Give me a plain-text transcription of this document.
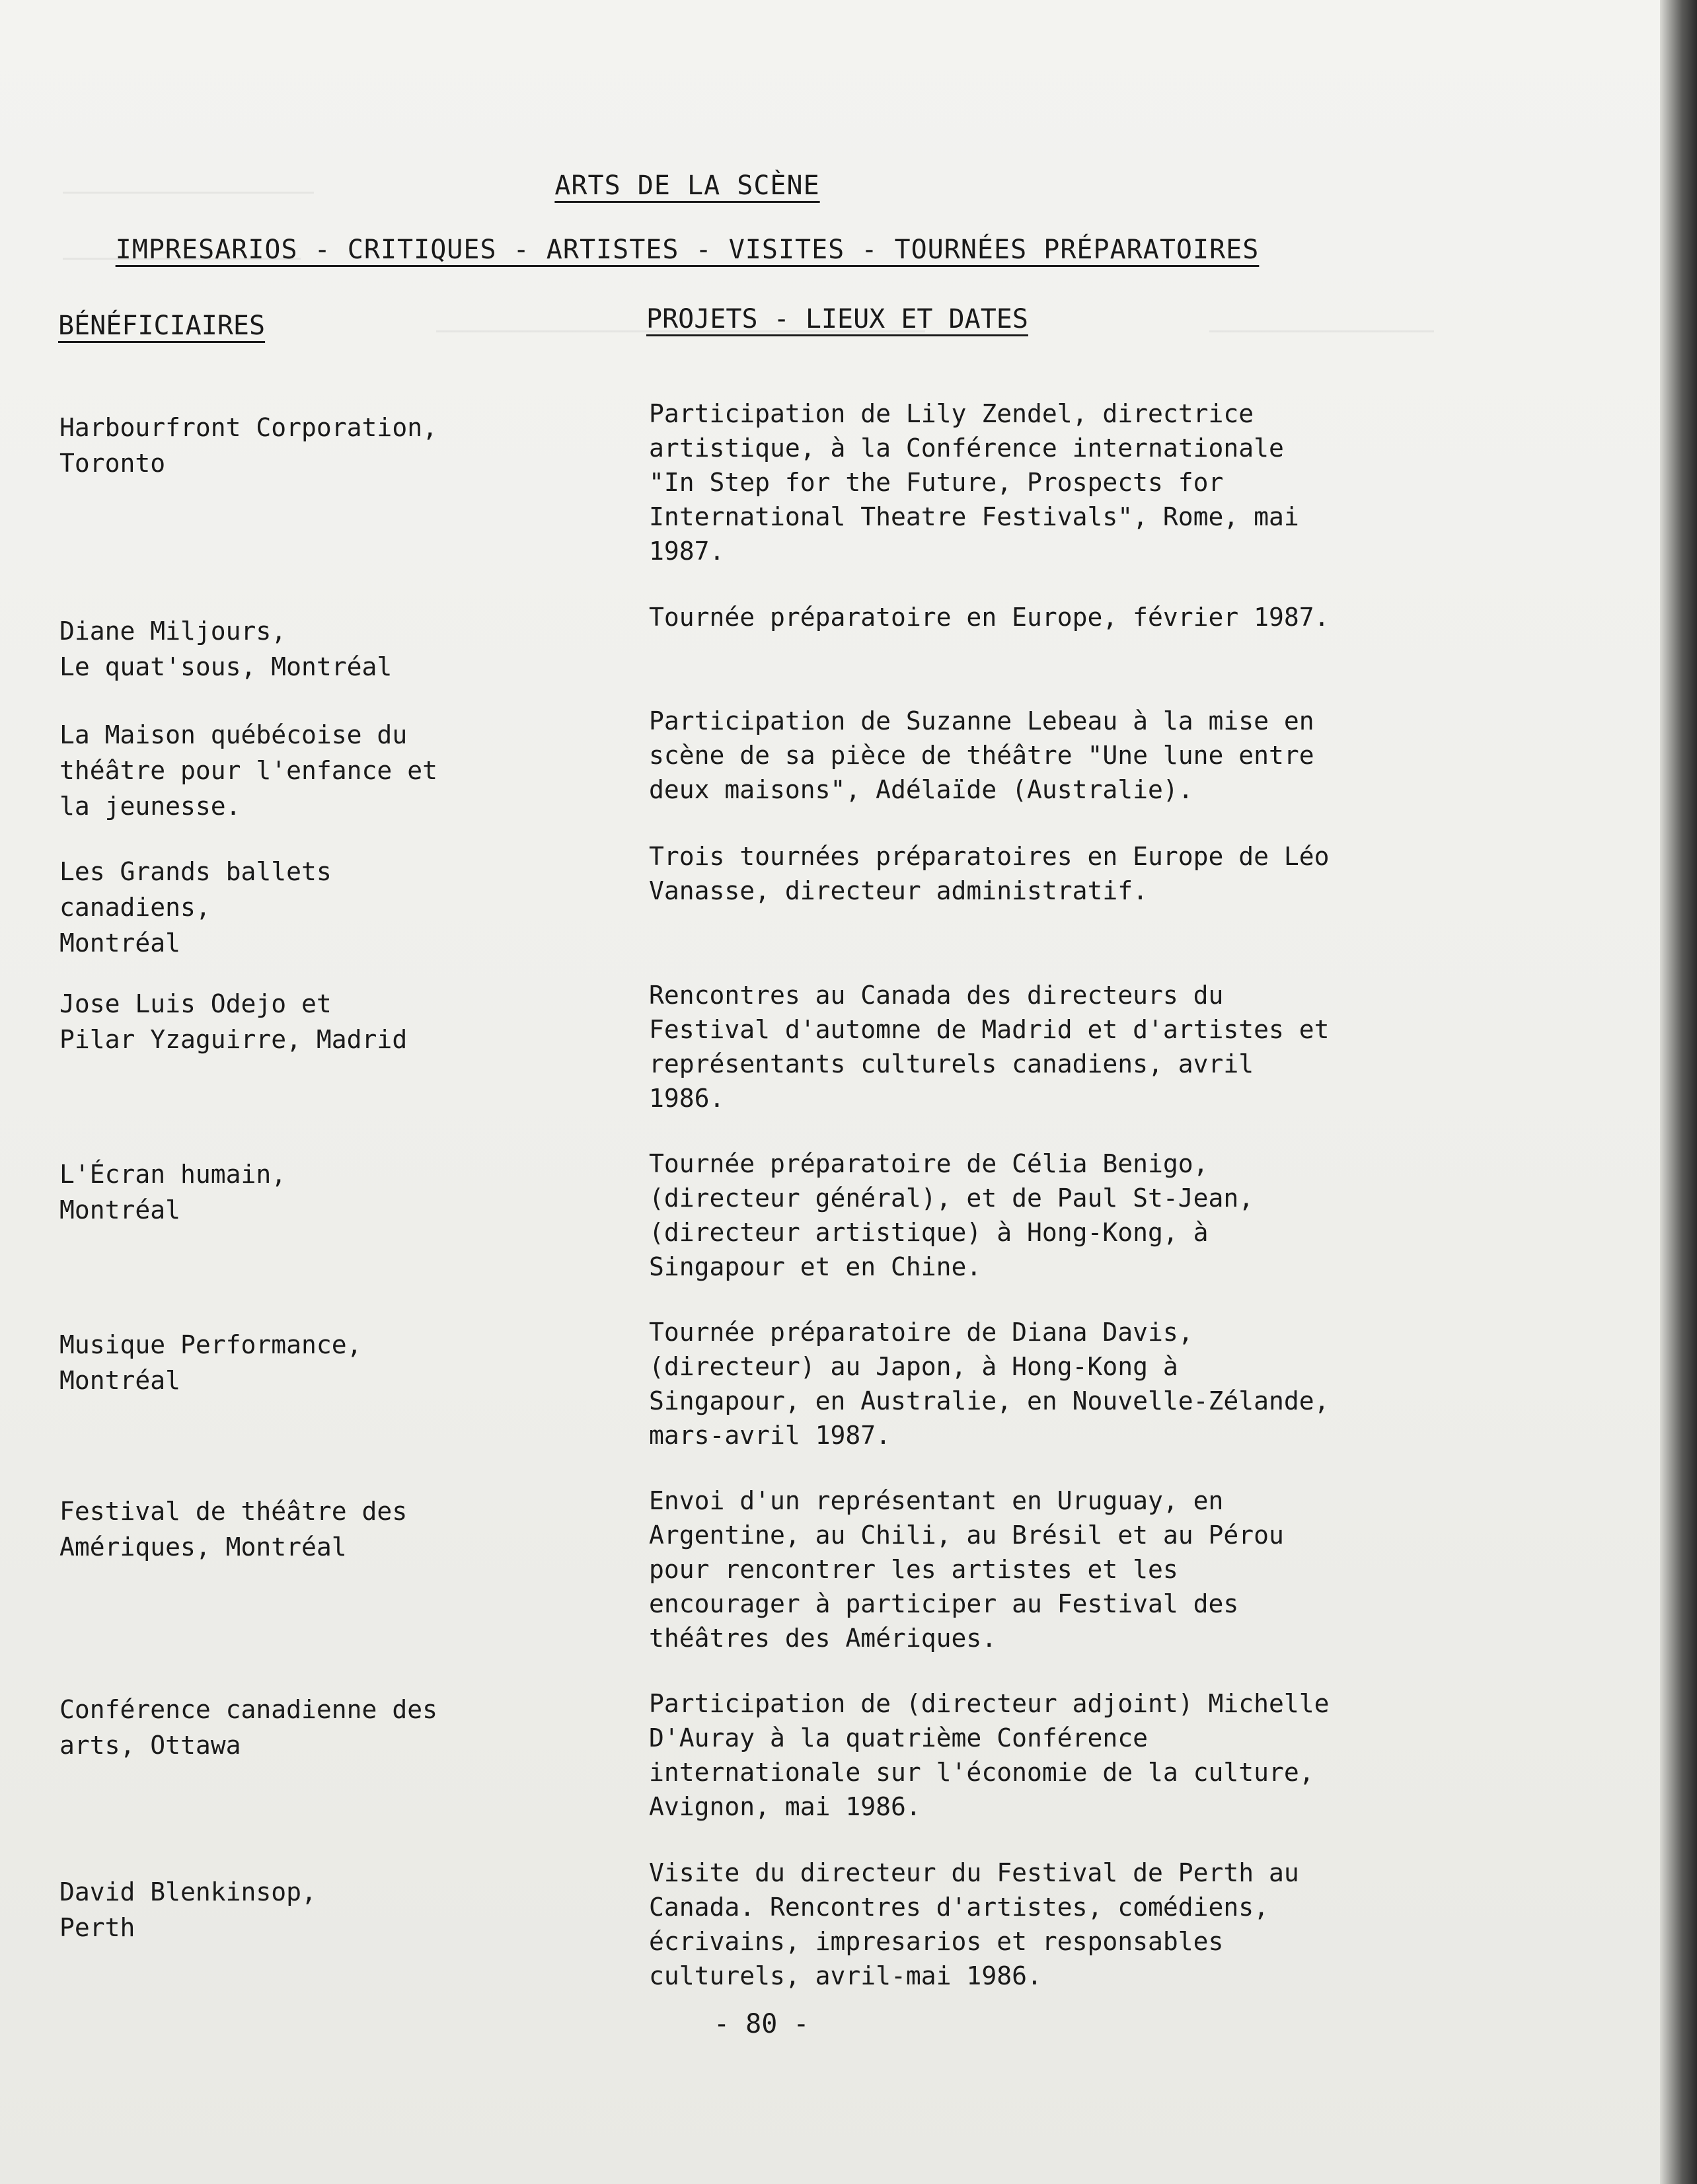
ARTS DE LA SCÈNE
IMPRESARIOS - CRITIQUES - ARTISTES - VISITES - TOURNÉES PRÉPARATOIRES
BÉNÉFICIAIRES	PROJETS - LIEUX ET DATES
Harbourfront Corporation,
Toronto
Participation de Lily Zendel, directrice
artistique, à la Conférence internationale
"In Step for the Future, Prospects for
International Theatre Festivals", Rome, mai
1987.
Diane Miljours,
Le quat'sous, Montréal
Tournée préparatoire en Europe, février 1987.
La Maison québécoise du
théâtre pour l'enfance et
la jeunesse.
Participation de Suzanne Lebeau à la mise en
scène de sa pièce de théâtre "Une lune entre
deux maisons", Adélaïde (Australie).
Les Grands ballets
canadiens,
Montréal
Trois tournées préparatoires en Europe de Léo
Vanasse, directeur administratif.
Jose Luis Odejo et
Pilar Yzaguirre, Madrid
Rencontres au Canada des directeurs du
Festival d'automne de Madrid et d'artistes et
représentants culturels canadiens, avril
1986.
L'Écran humain,
Montréal
Tournée préparatoire de Célia Benigo,
(directeur général), et de Paul St-Jean,
(directeur artistique) à Hong-Kong, à
Singapour et en Chine.
Musique Performance,
Montréal
Tournée préparatoire de Diana Davis,
(directeur) au Japon, à Hong-Kong à
Singapour, en Australie, en Nouvelle-Zélande,
mars-avril 1987.
Festival de théâtre des
Amériques, Montréal
Envoi d'un représentant en Uruguay, en
Argentine, au Chili, au Brésil et au Pérou
pour rencontrer les artistes et les
encourager à participer au Festival des
théâtres des Amériques.
Conférence canadienne des
arts, Ottawa
Participation de (directeur adjoint) Michelle
D'Auray à la quatrième Conférence
internationale sur l'économie de la culture,
Avignon, mai 1986.
David Blenkinsop,
Perth
Visite du directeur du Festival de Perth au
Canada. Rencontres d'artistes, comédiens,
écrivains, impresarios et responsables
culturels, avril-mai 1986.
- 80 -
